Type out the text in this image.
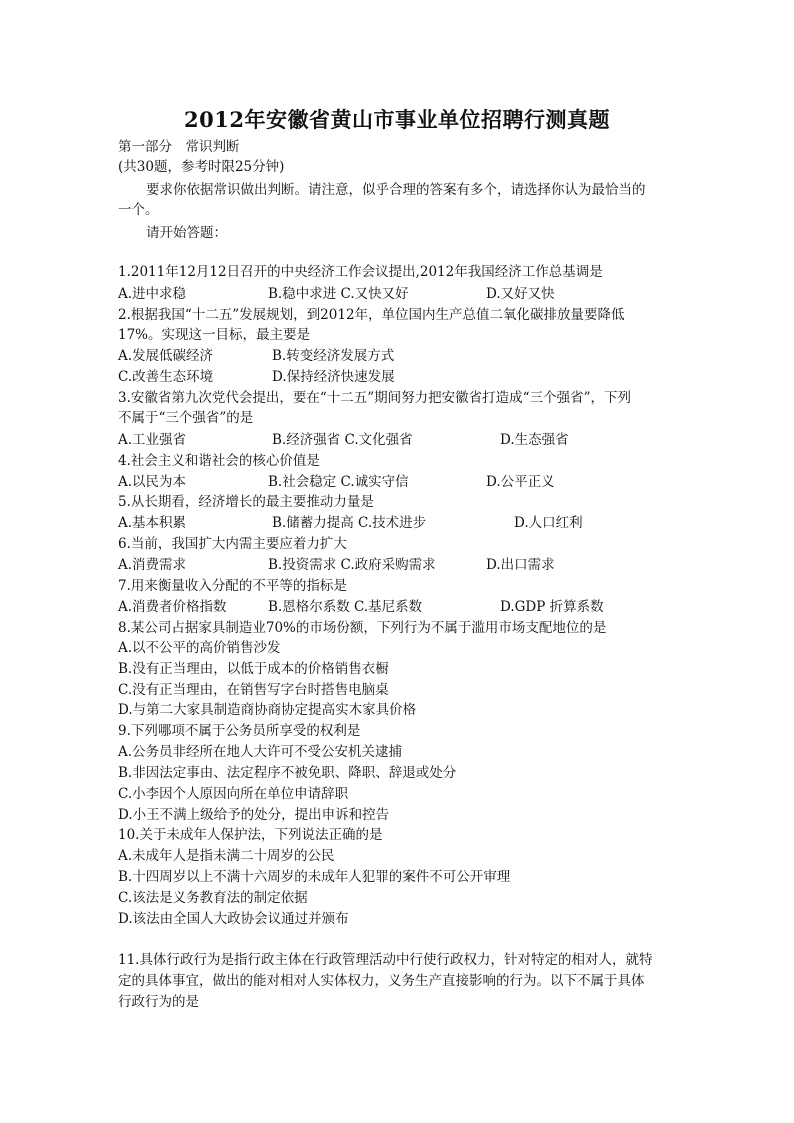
2012年安徽省黄山市事业单位招聘行测真题
第一部分　常识判断
(共30题，参考时限25分钟)
要求你依据常识做出判断。请注意，似乎合理的答案有多个，请选择你认为最恰当的
一个。
请开始答题：
1.2011年12月12日召开的中央经济工作会议提出,2012年我国经济工作总基调是
A.进中求稳	B.稳中求进 C.又快又好	D.又好又快
2.根据我国“十二五”发展规划，到2012年，单位国内生产总值二氧化碳排放量要降低
17%。实现这一目标，最主要是
A.发展低碳经济	B.转变经济发展方式
C.改善生态环境	D.保持经济快速发展
3.安徽省第九次党代会提出，要在“十二五”期间努力把安徽省打造成“三个强省”，下列
不属于“三个强省”的是
A.工业强省	B.经济强省 C.文化强省	D.生态强省
4.社会主义和谐社会的核心价值是
A.以民为本	B.社会稳定 C.诚实守信	D.公平正义
5.从长期看，经济增长的最主要推动力量是
A.基本积累	B.储蓄力提高 C.技术进步	D.人口红利
6.当前，我国扩大内需主要应着力扩大
A.消费需求	B.投资需求 C.政府采购需求	D.出口需求
7.用来衡量收入分配的不平等的指标是
A.消费者价格指数	B.恩格尔系数 C.基尼系数	D.GDP 折算系数
8.某公司占据家具制造业70%的市场份额，下列行为不属于滥用市场支配地位的是
A.以不公平的高价销售沙发
B.没有正当理由，以低于成本的价格销售衣橱
C.没有正当理由，在销售写字台时搭售电脑桌
D.与第二大家具制造商协商协定提高实木家具价格
9.下列哪项不属于公务员所享受的权利是
A.公务员非经所在地人大许可不受公安机关逮捕
B.非因法定事由、法定程序不被免职、降职、辞退或处分
C.小李因个人原因向所在单位申请辞职
D.小王不满上级给予的处分，提出申诉和控告
10.关于未成年人保护法，下列说法正确的是
A.未成年人是指未满二十周岁的公民
B.十四周岁以上不满十六周岁的未成年人犯罪的案件不可公开审理
C.该法是义务教育法的制定依据
D.该法由全国人大政协会议通过并颁布
11.具体行政行为是指行政主体在行政管理活动中行使行政权力，针对特定的相对人，就特
定的具体事宜，做出的能对相对人实体权力，义务生产直接影响的行为。以下不属于具体
行政行为的是
